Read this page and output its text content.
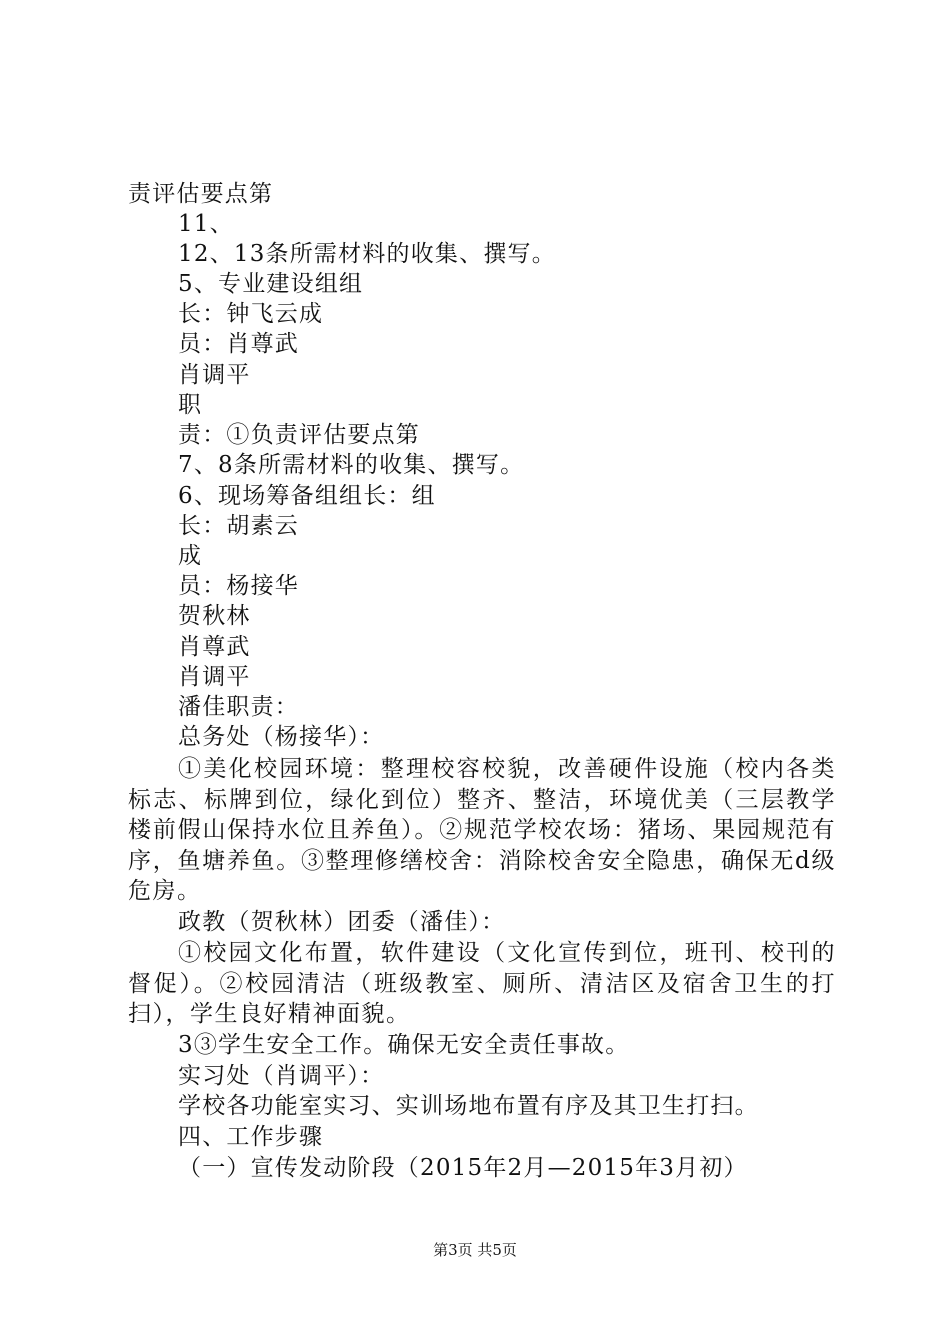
责评估要点第
11、
12、13条所需材料的收集、撰写。
5、专业建设组组
长：钟飞云成
员：肖尊武
肖调平
职
责：①负责评估要点第
7、8条所需材料的收集、撰写。
6、现场筹备组组长：组
长：胡素云
成
员：杨接华
贺秋林
肖尊武
肖调平
潘佳职责：
总务处（杨接华）：
①美化校园环境：整理校容校貌，改善硬件设施（校内各类标志、标牌到位，绿化到位）整齐、整洁，环境优美（三层教学楼前假山保持水位且养鱼）。②规范学校农场：猪场、果园规范有序，鱼塘养鱼。③整理修缮校舍：消除校舍安全隐患，确保无d级危房。
政教（贺秋林）团委（潘佳）：
①校园文化布置，软件建设（文化宣传到位，班刊、校刊的督促）。②校园清洁（班级教室、厕所、清洁区及宿舍卫生的打扫），学生良好精神面貌。
3③学生安全工作。确保无安全责任事故。
实习处（肖调平）：
学校各功能室实习、实训场地布置有序及其卫生打扫。
四、工作步骤
（一）宣传发动阶段（2015年2月—2015年3月初）
第3页 共5页
